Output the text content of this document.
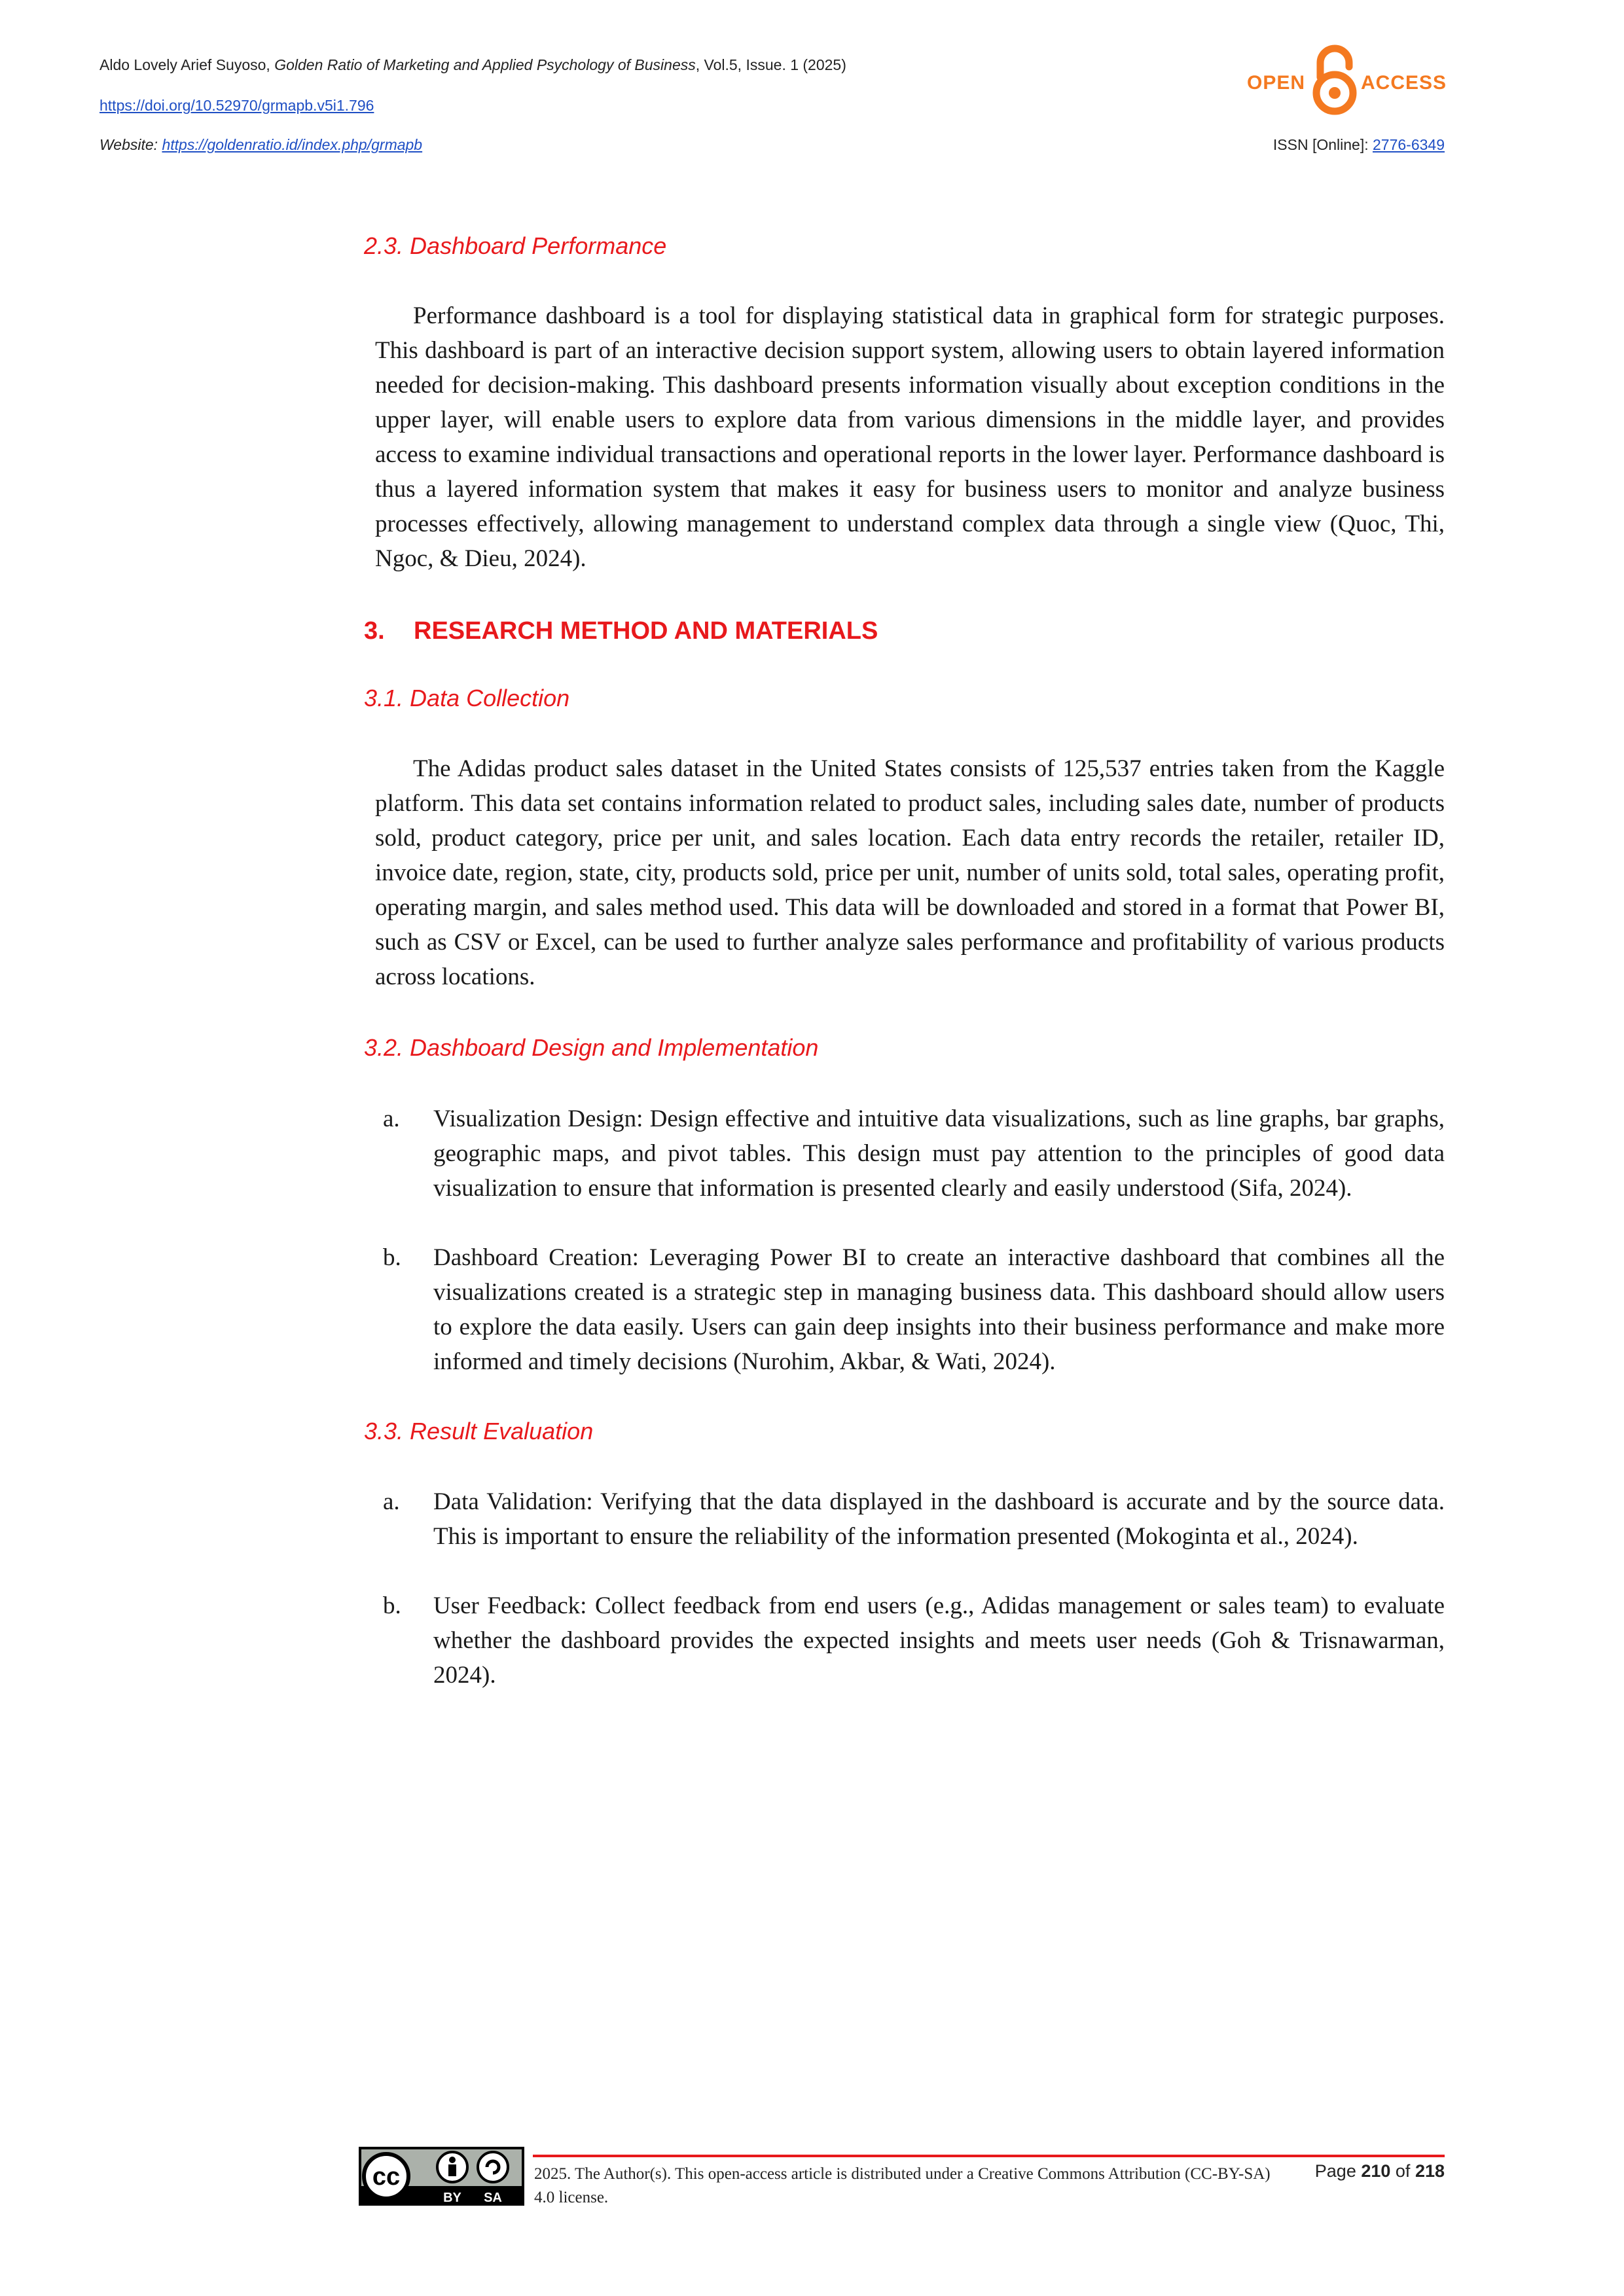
Aldo Lovely Arief Suyoso, Golden Ratio of Marketing and Applied Psychology of Business, Vol.5, Issue. 1 (2025)
https://doi.org/10.52970/grmapb.v5i1.796
Website: https://goldenratio.id/index.php/grmapb	ISSN [Online]: 2776-6349
OPEN	ACCESS
2.3. Dashboard Performance

Performance dashboard is a tool for displaying statistical data in graphical form for strategic purposes. This dashboard is part of an interactive decision support system, allowing users to obtain layered information needed for decision-making. This dashboard presents information visually about exception conditions in the upper layer, will enable users to explore data from various dimensions in the middle layer, and provides access to examine individual transactions and operational reports in the lower layer. Performance dashboard is thus a layered information system that makes it easy for business users to monitor and analyze business processes effectively, allowing management to understand complex data through a single view (Quoc, Thi, Ngoc, & Dieu, 2024).

3. RESEARCH METHOD AND MATERIALS
3.1. Data Collection

The Adidas product sales dataset in the United States consists of 125,537 entries taken from the Kaggle platform. This data set contains information related to product sales, including sales date, number of products sold, product category, price per unit, and sales location. Each data entry records the retailer, retailer ID, invoice date, region, state, city, products sold, price per unit, number of units sold, total sales, operating profit, operating margin, and sales method used. This data will be downloaded and stored in a format that Power BI, such as CSV or Excel, can be used to further analyze sales performance and profitability of various products across locations.

3.2. Dashboard Design and Implementation
a. Visualization Design: Design effective and intuitive data visualizations, such as line graphs, bar graphs, geographic maps, and pivot tables. This design must pay attention to the principles of good data visualization to ensure that information is presented clearly and easily understood (Sifa, 2024).
b. Dashboard Creation: Leveraging Power BI to create an interactive dashboard that combines all the visualizations created is a strategic step in managing business data. This dashboard should allow users to explore the data easily. Users can gain deep insights into their business performance and make more informed and timely decisions (Nurohim, Akbar, & Wati, 2024).
3.3. Result Evaluation
a. Data Validation: Verifying that the data displayed in the dashboard is accurate and by the source data. This is important to ensure the reliability of the information presented (Mokoginta et al., 2024).
b. User Feedback: Collect feedback from end users (e.g., Adidas management or sales team) to evaluate whether the dashboard provides the expected insights and meets user needs (Goh & Trisnawarman, 2024).
cc
BY SA
2025. The Author(s). This open-access article is distributed under a Creative Commons Attribution (CC-BY-SA) 4.0 license.
Page 210 of 218
